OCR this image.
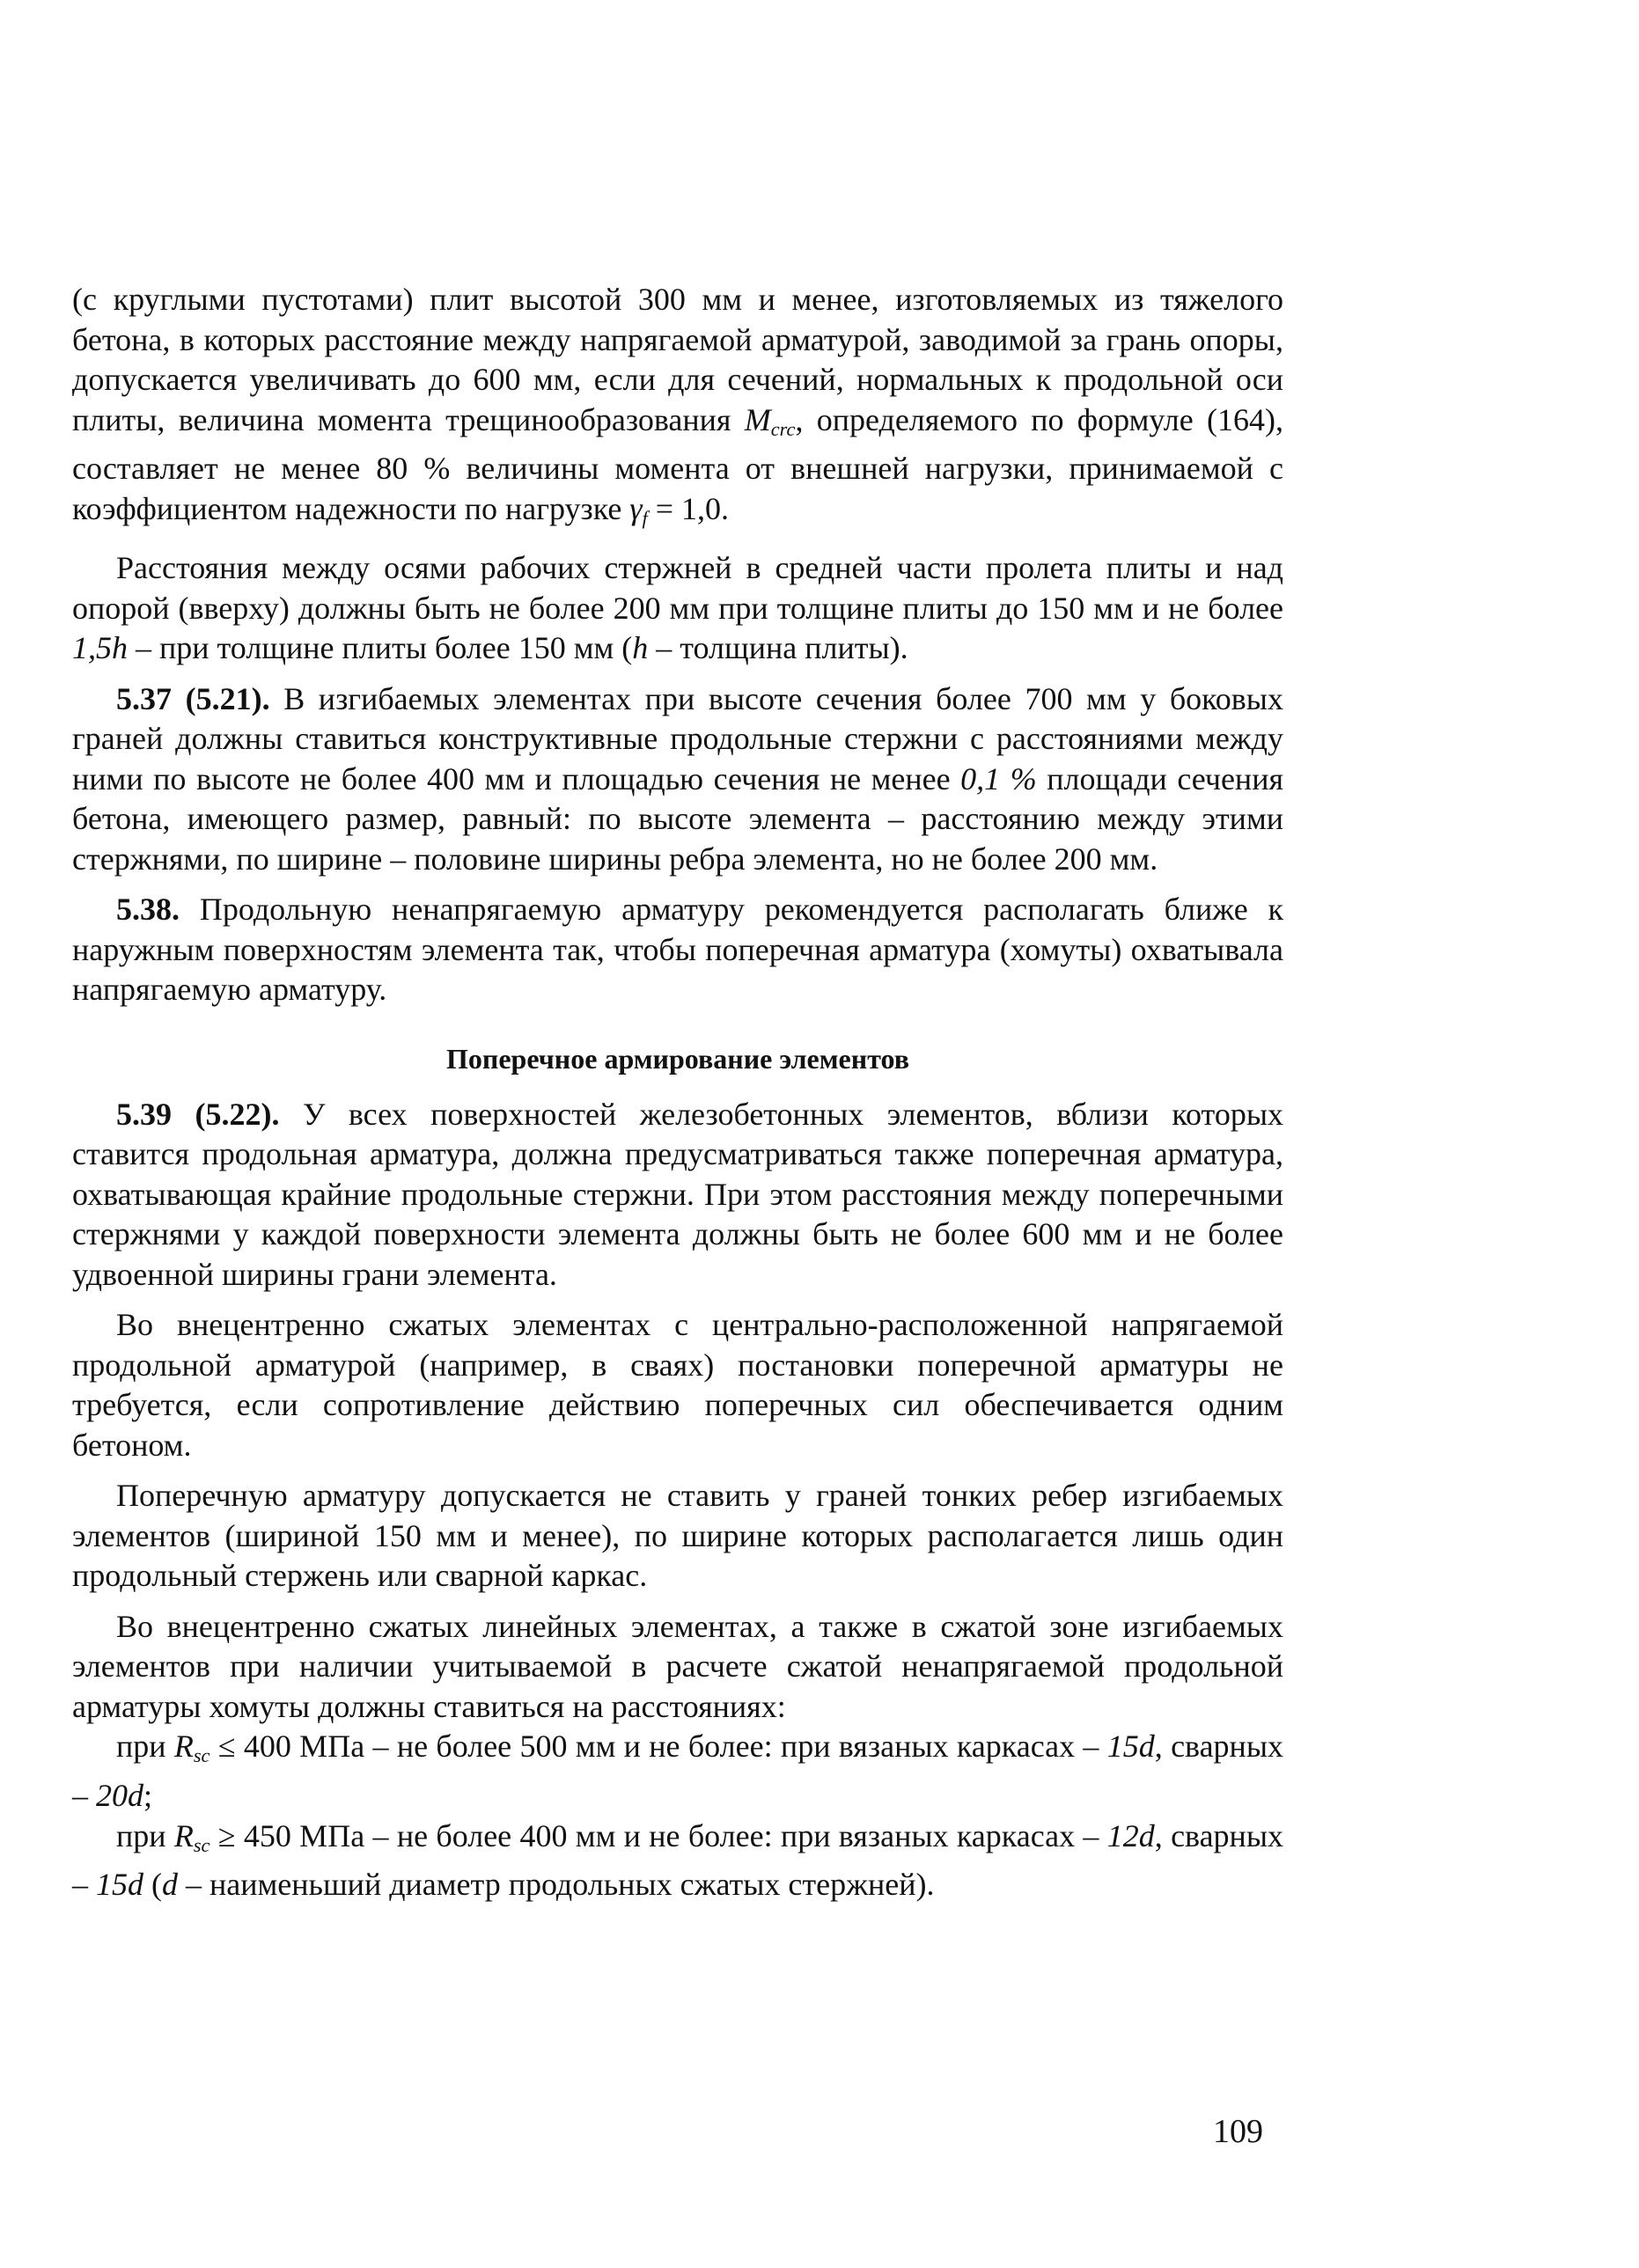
(с круглыми пустотами) плит высотой 300 мм и менее, изготовляемых из тяжелого бетона, в которых расстояние между напрягаемой арматурой, заводимой за грань опоры, допускается увеличивать до 600 мм, если для сечений, нормальных к продольной оси плиты, величина момента трещинообразования $M_{crc}$, определяемого по формуле (164), составляет не менее 80 % величины момента от внешней нагрузки, принимаемой с коэффициентом надежности по нагрузке $\gamma_f = 1,0$.

Расстояния между осями рабочих стержней в средней части пролета плиты и над опорой (вверху) должны быть не более 200 мм при толщине плиты до 150 мм и не более 1,5h – при толщине плиты более 150 мм (h – толщина плиты).

5.37 (5.21). В изгибаемых элементах при высоте сечения более 700 мм у боковых граней должны ставиться конструктивные продольные стержни с расстояниями между ними по высоте не более 400 мм и площадью сечения не менее 0,1 % площади сечения бетона, имеющего размер, равный: по высоте элемента – расстоянию между этими стержнями, по ширине – половине ширины ребра элемента, но не более 200 мм.

5.38. Продольную ненапрягаемую арматуру рекомендуется располагать ближе к наружным поверхностям элемента так, чтобы поперечная арматура (хомуты) охватывала напрягаемую арматуру.

Поперечное армирование элементов

5.39 (5.22). У всех поверхностей железобетонных элементов, вблизи которых ставится продольная арматура, должна предусматриваться также поперечная арматура, охватывающая крайние продольные стержни. При этом расстояния между поперечными стержнями у каждой поверхности элемента должны быть не более 600 мм и не более удвоенной ширины грани элемента.

Во внецентренно сжатых элементах с центрально-расположенной напрягаемой продольной арматурой (например, в сваях) постановки поперечной арматуры не требуется, если сопротивление действию поперечных сил обеспечивается одним бетоном.

Поперечную арматуру допускается не ставить у граней тонких ребер изгибаемых элементов (шириной 150 мм и менее), по ширине которых располагается лишь один продольный стержень или сварной каркас.

Во внецентренно сжатых линейных элементах, а также в сжатой зоне изгибаемых элементов при наличии учитываемой в расчете сжатой ненапрягаемой продольной арматуры хомуты должны ставиться на расстояниях:

при $R_{sc} \le 400$ МПа – не более 500 мм и не более: при вязаных каркасах – 15d, сварных – 20d;

при $R_{sc} \ge 450$ МПа – не более 400 мм и не более: при вязаных каркасах – 12d, сварных – 15d (d – наименьший диаметр продольных сжатых стержней).

109
